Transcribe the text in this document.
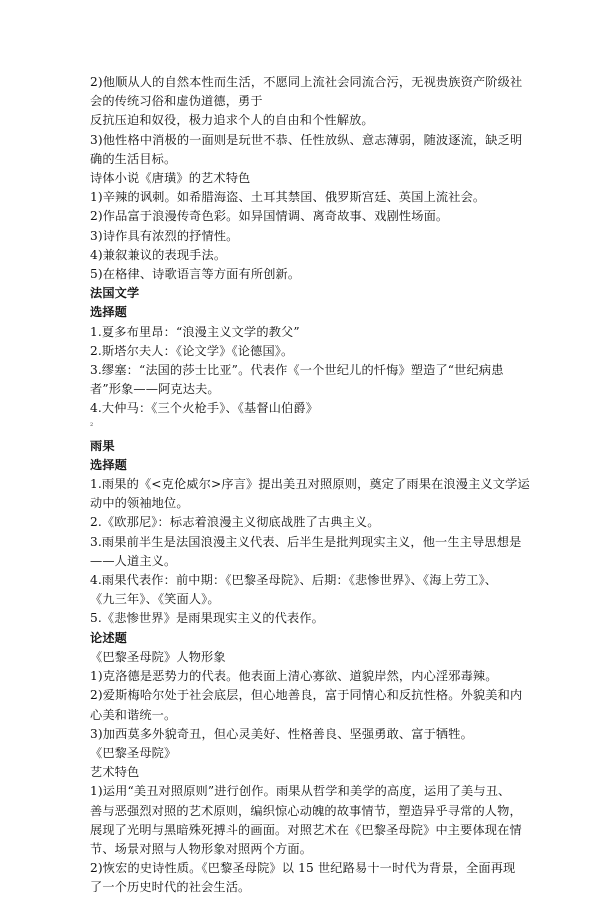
2)他顺从人的自然本性而生活，不愿同上流社会同流合污，无视贵族资产阶级社
会的传统习俗和虚伪道德，勇于
反抗压迫和奴役，极力追求个人的自由和个性解放。
3)他性格中消极的一面则是玩世不恭、任性放纵、意志薄弱，随波逐流，缺乏明
确的生活目标。
诗体小说《唐璜》的艺术特色
1)辛辣的讽刺。如希腊海盗、土耳其禁囯、俄罗斯宫廷、英国上流社会。
2)作品富于浪漫传奇色彩。如异国情调、离奇故事、戏剧性场面。
3)诗作具有浓烈的抒情性。
4)兼叙兼议的表现手法。
5)在格律、诗歌语言等方面有所创新。
法国文学
选择题
1.夏多布里昂：“浪漫主义文学的教父”
2.斯塔尔夫人：《论文学》《论德国》。
3.缪塞：“法国的莎士比亚”。代表作《一个世纪儿的忏悔》塑造了“世纪病患
者”形象——阿克达夫。
4.大仲马：《三个火枪手》、《基督山伯爵》
2
雨果
选择题
1.雨果的《<克伦威尔>序言》提出美丑对照原则，奠定了雨果在浪漫主义文学运
动中的领袖地位。
2.《欧那尼》：标志着浪漫主义彻底战胜了古典主义。
3.雨果前半生是法国浪漫主义代表、后半生是批判现实主义，他一生主导思想是
——人道主义。
4.雨果代表作：前中期：《巴黎圣母院》、后期：《悲惨世界》、《海上劳工》、
《九三年》、《笑面人》。
5.《悲惨世界》是雨果现实主义的代表作。
论述题
《巴黎圣母院》人物形象
1)克洛德是恶势力的代表。他表面上清心寡欲、道貌岸然，内心淫邪毒辣。
2)爱斯梅哈尔处于社会底层，但心地善良，富于同情心和反抗性格。外貌美和内
心美和谐统一。
3)加西莫多外貌奇丑，但心灵美好、性格善良、坚强勇敢、富于牺牲。
《巴黎圣母院》
艺术特色
1)运用“美丑对照原则”进行创作。雨果从哲学和美学的高度，运用了美与丑、
善与恶强烈对照的艺术原则，编织惊心动魄的故事情节，塑造异乎寻常的人物，
展现了光明与黑暗殊死搏斗的画面。对照艺术在《巴黎圣母院》中主要体现在情
节、场景对照与人物形象对照两个方面。
2)恢宏的史诗性质。《巴黎圣母院》以 15 世纪路易十一时代为背景，全面再现
了一个历史时代的社会生活。
